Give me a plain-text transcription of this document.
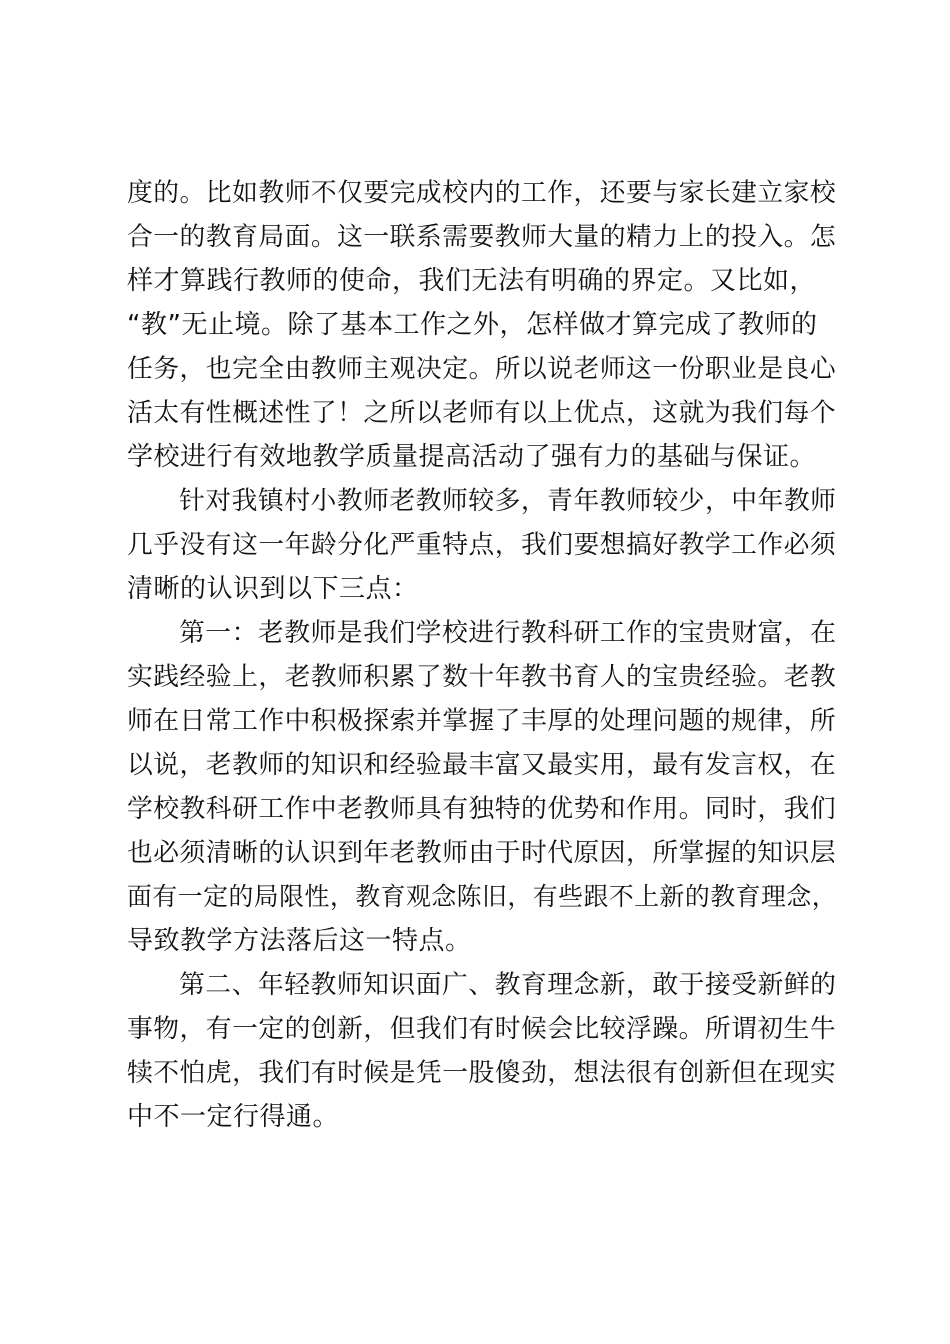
度的。比如教师不仅要完成校内的工作，还要与家长建立家校
合一的教育局面。这一联系需要教师大量的精力上的投入。怎
样才算践行教师的使命，我们无法有明确的界定。又比如，
“教”无止境。除了基本工作之外，怎样做才算完成了教师的
任务，也完全由教师主观决定。所以说老师这一份职业是良心
活太有性概述性了！之所以老师有以上优点，这就为我们每个
学校进行有效地教学质量提高活动了强有力的基础与保证。
针对我镇村小教师老教师较多，青年教师较少，中年教师
几乎没有这一年龄分化严重特点，我们要想搞好教学工作必须
清晰的认识到以下三点：
第一：老教师是我们学校进行教科研工作的宝贵财富，在
实践经验上，老教师积累了数十年教书育人的宝贵经验。老教
师在日常工作中积极探索并掌握了丰厚的处理问题的规律，所
以说，老教师的知识和经验最丰富又最实用，最有发言权，在
学校教科研工作中老教师具有独特的优势和作用。同时，我们
也必须清晰的认识到年老教师由于时代原因，所掌握的知识层
面有一定的局限性，教育观念陈旧，有些跟不上新的教育理念，
导致教学方法落后这一特点。
第二、年轻教师知识面广、教育理念新，敢于接受新鲜的
事物，有一定的创新，但我们有时候会比较浮躁。所谓初生牛
犊不怕虎，我们有时候是凭一股傻劲，想法很有创新但在现实
中不一定行得通。
